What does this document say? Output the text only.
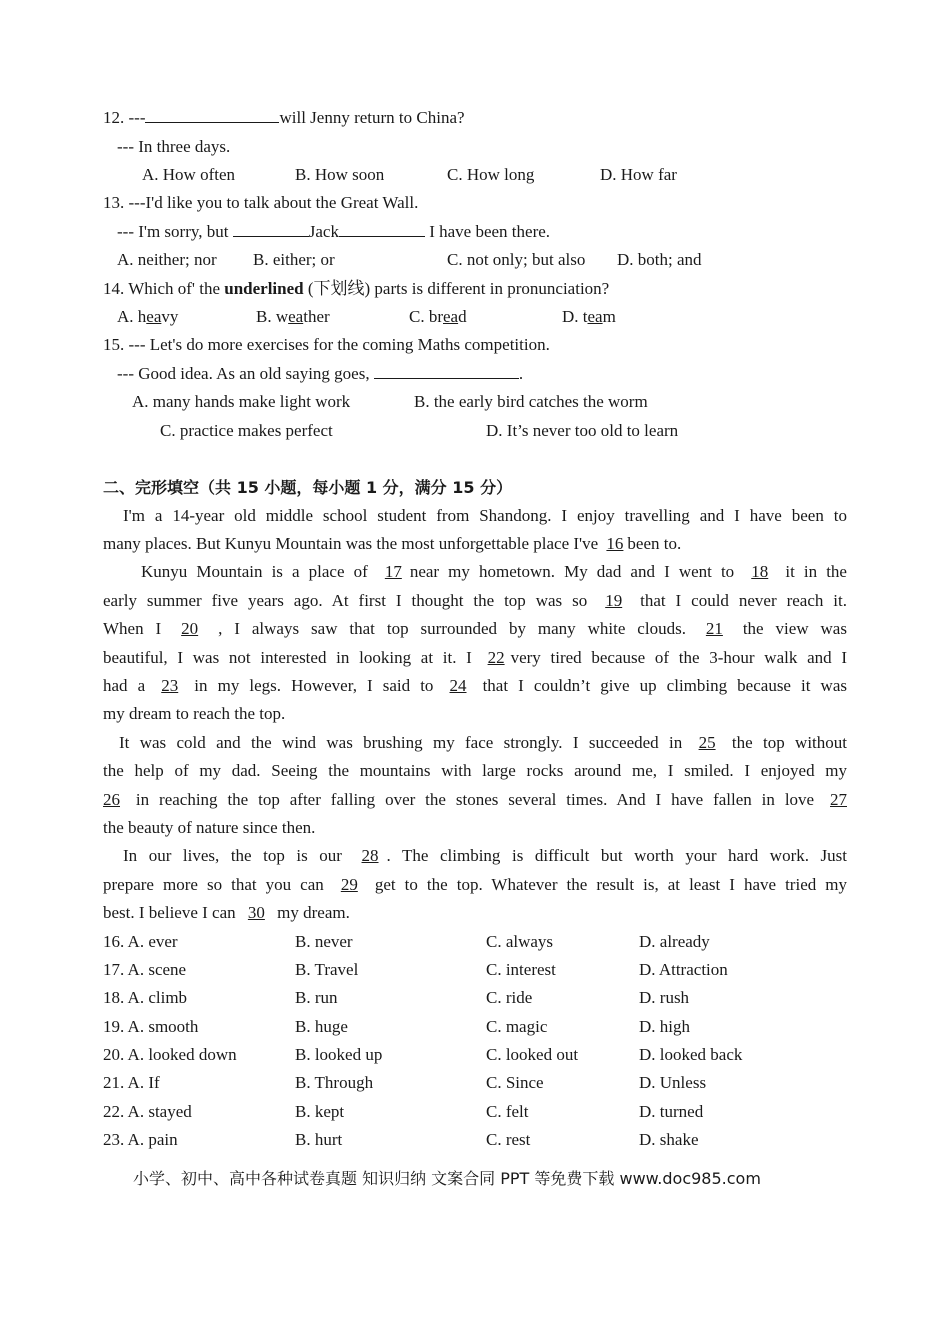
12. ---	will Jenny return to China?
--- In three days.
A. How often	B. How soon	C. How long	D. How far
13. ---I'd like you to talk about the Great Wall.
--- I'm sorry, but	Jack	I have been there.
A. neither; nor B. either; or	C. not only; but also D. both; and
14. Which of' the underlined (下划线) parts is different in pronunciation?
A. heavy	B. weather	C. bread	D. team
15. --- Let's do more exercises for the coming Maths competition.
--- Good idea. As an old saying goes,	.
A. many hands make light work	B. the early bird catches the worm
C. practice makes perfect	D. It’s never too old to learn
二、完形填空（共 15 小题，每小题 1 分，满分 15 分）
I'm a 14-year old middle school student from Shandong. I enjoy travelling and I have been to
many places. But Kunyu Mountain was the most unforgettable place I've 16 been to.
Kunyu Mountain is a place of 17 near my hometown. My dad and I went to 18 it in the
early summer five years ago. At first I thought the top was so 19 that I could never reach it.
When I 20 , I always saw that top surrounded by many white clouds. 21 the view was
beautiful, I was not interested in looking at it. I 22 very tired because of the 3-hour walk and I
had a 23 in my legs. However, I said to 24 that I couldn’t give up climbing because it was
my dream to reach the top.
It was cold and the wind was brushing my face strongly. I succeeded in 25 the top without
the help of my dad. Seeing the mountains with large rocks around me, I smiled. I enjoyed my
26 in reaching the top after falling over the stones several times. And I have fallen in love 27
the beauty of nature since then.
In our lives, the top is our 28 . The climbing is difficult but worth your hard work. Just
prepare more so that you can 29 get to the top. Whatever the result is, at least I have tried my
best. I believe I can 30 my dream.
16. A. ever	B. never	C. always	D. already
17. A. scene	B. Travel	C. interest	D. Attraction
18. A. climb	B. run	C. ride	D. rush
19. A. smooth	B. huge	C. magic	D. high
20. A. looked down	B. looked up	C. looked out	D. looked back
21. A. If	B. Through	C. Since	D. Unless
22. A. stayed	B. kept	C. felt	D. turned
23. A. pain	B. hurt	C. rest	D. shake
小学、初中、高中各种试卷真题 知识归纳 文案合同 PPT 等免费下载 www.doc985.com
